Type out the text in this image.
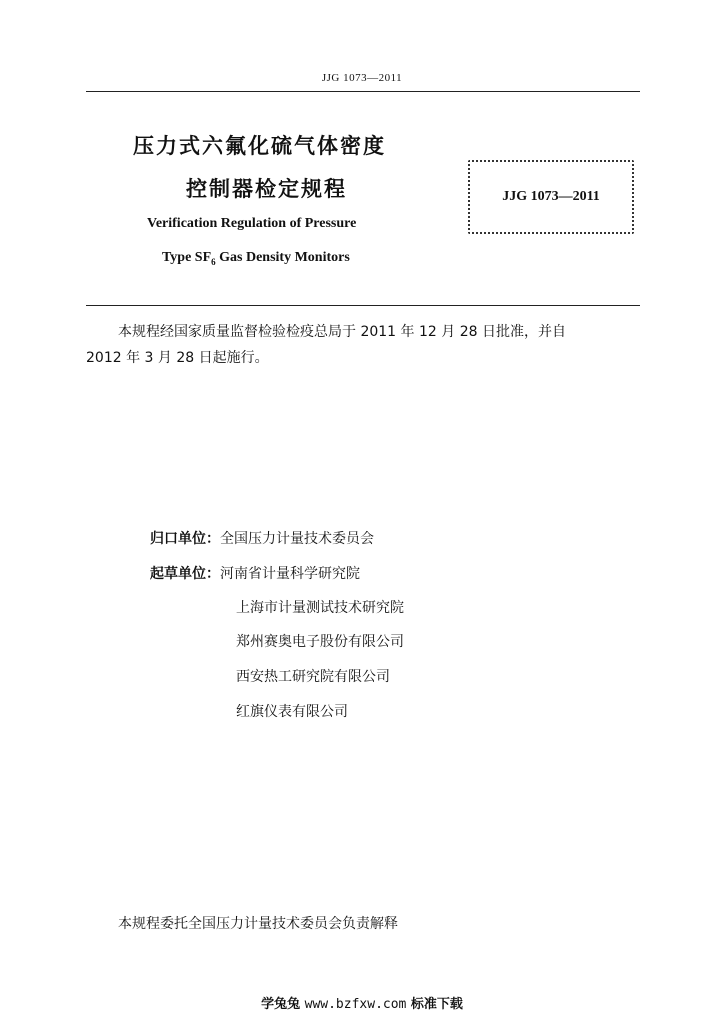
JJG 1073—2011
压力式六氟化硫气体密度
控制器检定规程	JJG 1073—2011
Verification Regulation of Pressure
Type $SF_6$ Gas Density Monitors
本规程经国家质量监督检验检疫总局于 2011 年 12 月 28 日批准，并自
2012 年 3 月 28 日起施行。
归口单位：全国压力计量技术委员会
起草单位：河南省计量科学研究院
上海市计量测试技术研究院
郑州赛奥电子股份有限公司
西安热工研究院有限公司
红旗仪表有限公司
本规程委托全国压力计量技术委员会负责解释
学兔兔 www.bzfxw.com 标准下载
